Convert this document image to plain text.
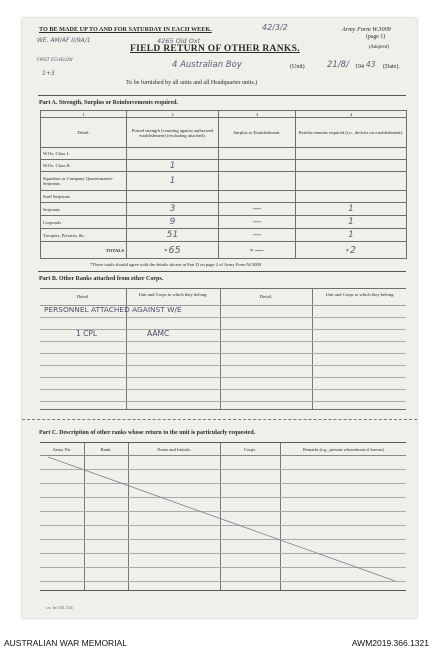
TO BE MADE UP TO AND FOR SATURDAY IN EACH WEEK.	42/3/2	Army Form W.3009
(page 1)
(Adapted)
WE. AM/AF II/9A/1	4265 Old Oxt
FIRST ECHELON
1+3
FIELD RETURN OF OTHER RANKS.
4 Australian Boy	(Unit)	21/8/ 194 43 (Date).
To be furnished by all units and all Headquarter units.)
Part A. Strength, Surplus or Reinforcements required.
1	2	3	4
Detail.	Posted strength (counting against authorized establishment) (excluding attached).	Surplus to Establishment.	Reinforcements required (i.e., deficits on establishment).
W.Os. Class I.			
W.Os. Class II.	1		
Squadron or Company Quartermaster-Serjeants	1		
Staff Serjeants			
Serjeants	3	—	1
Corporals	9	—	1
Troopers, Privates, &c.	51	—	1
TOTALS	* 65	* —	* 2
*These totals should agree with the details shown in Part D on page 2 of Army Form W.3009.
Part B. Other Ranks attached from other Corps.
Detail.	Unit and Corps to which they belong.	Detail.	Unit and Corps to which they belong.
PERSONNEL ATTACHED AGAINST W/E
1 CPL	AAMC
Part C. Description of other ranks whose return to the unit is particularly requested.
Army No.	Rank.	Name and Initials.	Corps.	Remarks (e.g., present whereabouts if known).
s.w. 1m 5/43. 5/43
AUSTRALIAN WAR MEMORIAL	AWM2019.366.1321
